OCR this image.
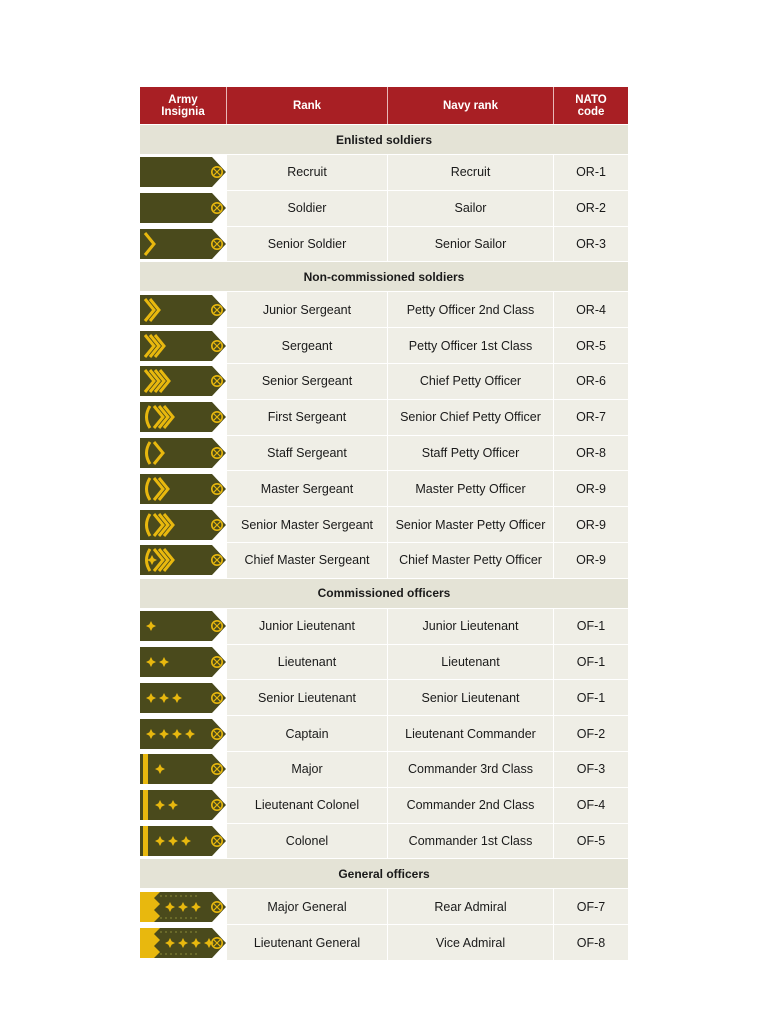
Army
Insignia	Rank	Navy rank	NATO
code
Enlisted soldiers
Recruit	Recruit	OR-1
Soldier	Sailor	OR-2
Senior Soldier	Senior Sailor	OR-3
Non-commissioned soldiers
Junior Sergeant	Petty Officer 2nd Class	OR-4
Sergeant	Petty Officer 1st Class	OR-5
Senior Sergeant	Chief Petty Officer	OR-6
First Sergeant	Senior Chief Petty Officer	OR-7
Staff Sergeant	Staff Petty Officer	OR-8
Master Sergeant	Master Petty Officer	OR-9
Senior Master Sergeant	Senior Master Petty Officer	OR-9
Chief Master Sergeant	Chief Master Petty Officer	OR-9
Commissioned officers
Junior Lieutenant	Junior Lieutenant	OF-1
Lieutenant	Lieutenant	OF-1
Senior Lieutenant	Senior Lieutenant	OF-1
Captain	Lieutenant Commander	OF-2
Major	Commander 3rd Class	OF-3
Lieutenant Colonel	Commander 2nd Class	OF-4
Colonel	Commander 1st Class	OF-5
General officers
Major General	Rear Admiral	OF-7
Lieutenant General	Vice Admiral	OF-8
